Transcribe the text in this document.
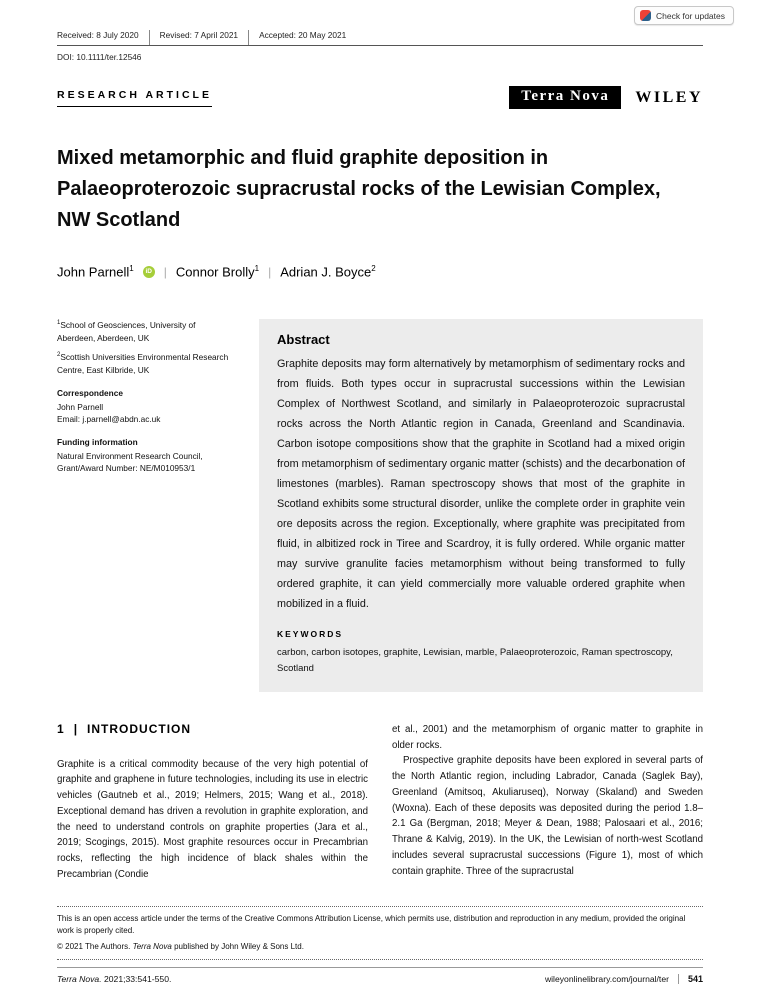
Check for updates
Received: 8 July 2020	Revised: 7 April 2021	Accepted: 20 May 2021
DOI: 10.1111/ter.12546
RESEARCH ARTICLE	Terra Nova	WILEY
Mixed metamorphic and fluid graphite deposition in
Palaeoproterozoic supracrustal rocks of the Lewisian Complex,
NW Scotland
John Parnell$^1$	iD | Connor Brolly$^1$ | Adrian J. Boyce$^2$
$^1$School of Geosciences, University of Aberdeen, Aberdeen, UK
$^2$Scottish Universities Environmental Research Centre, East Kilbride, UK
Correspondence
John Parnell
Email: j.parnell@abdn.ac.uk
Funding information
Natural Environment Research Council, Grant/Award Number: NE/M010953/1
Abstract
Graphite deposits may form alternatively by metamorphism of sedimentary rocks and from fluids. Both types occur in supracrustal successions within the Lewisian Complex of Northwest Scotland, and similarly in Palaeoproterozoic supracrustal rocks across the North Atlantic region in Canada, Greenland and Scandinavia. Carbon isotope compositions show that the graphite in Scotland had a mixed origin from metamorphism of sedimentary organic matter (schists) and the decarbonation of limestones (marbles). Raman spectroscopy shows that most of the graphite in Scotland exhibits some structural disorder, unlike the complete order in graphite vein ore deposits across the region. Exceptionally, where graphite was precipitated from fluid, in albitized rock in Tiree and Scardroy, it is fully ordered. While organic matter may survive granulite facies metamorphism without being transformed to fully ordered graphite, it can yield commercially more valuable ordered graphite when mobilized in a fluid.
KEYWORDS
carbon, carbon isotopes, graphite, Lewisian, marble, Palaeoproterozoic, Raman spectroscopy, Scotland
1 | INTRODUCTION

Graphite is a critical commodity because of the very high potential of graphite and graphene in future technologies, including its use in electric vehicles (Gautneb et al., 2019; Helmers, 2015; Wang et al., 2018). Exceptional demand has driven a revolution in graphite exploration, and the need to understand controls on graphite properties (Jara et al., 2019; Scogings, 2015). Most graphite resources occur in Precambrian rocks, reflecting the high incidence of black shales within the Precambrian (Condie

et al., 2001) and the metamorphism of organic matter to graphite in older rocks.

Prospective graphite deposits have been explored in several parts of the North Atlantic region, including Labrador, Canada (Saglek Bay), Greenland (Amitsoq, Akuliaruseq), Norway (Skaland) and Sweden (Woxna). Each of these deposits was deposited during the period 1.8–2.1 Ga (Bergman, 2018; Meyer & Dean, 1988; Palosaari et al., 2016; Thrane & Kalvig, 2019). In the UK, the Lewisian of north-west Scotland includes several supracrustal successions (Figure 1), most of which contain graphite. Three of the supracrustal

This is an open access article under the terms of the Creative Commons Attribution License, which permits use, distribution and reproduction in any medium, provided the original work is properly cited.
© 2021 The Authors. Terra Nova published by John Wiley & Sons Ltd.
Terra Nova. 2021;33:541-550.	wileyonlinelibrary.com/journal/ter 541
